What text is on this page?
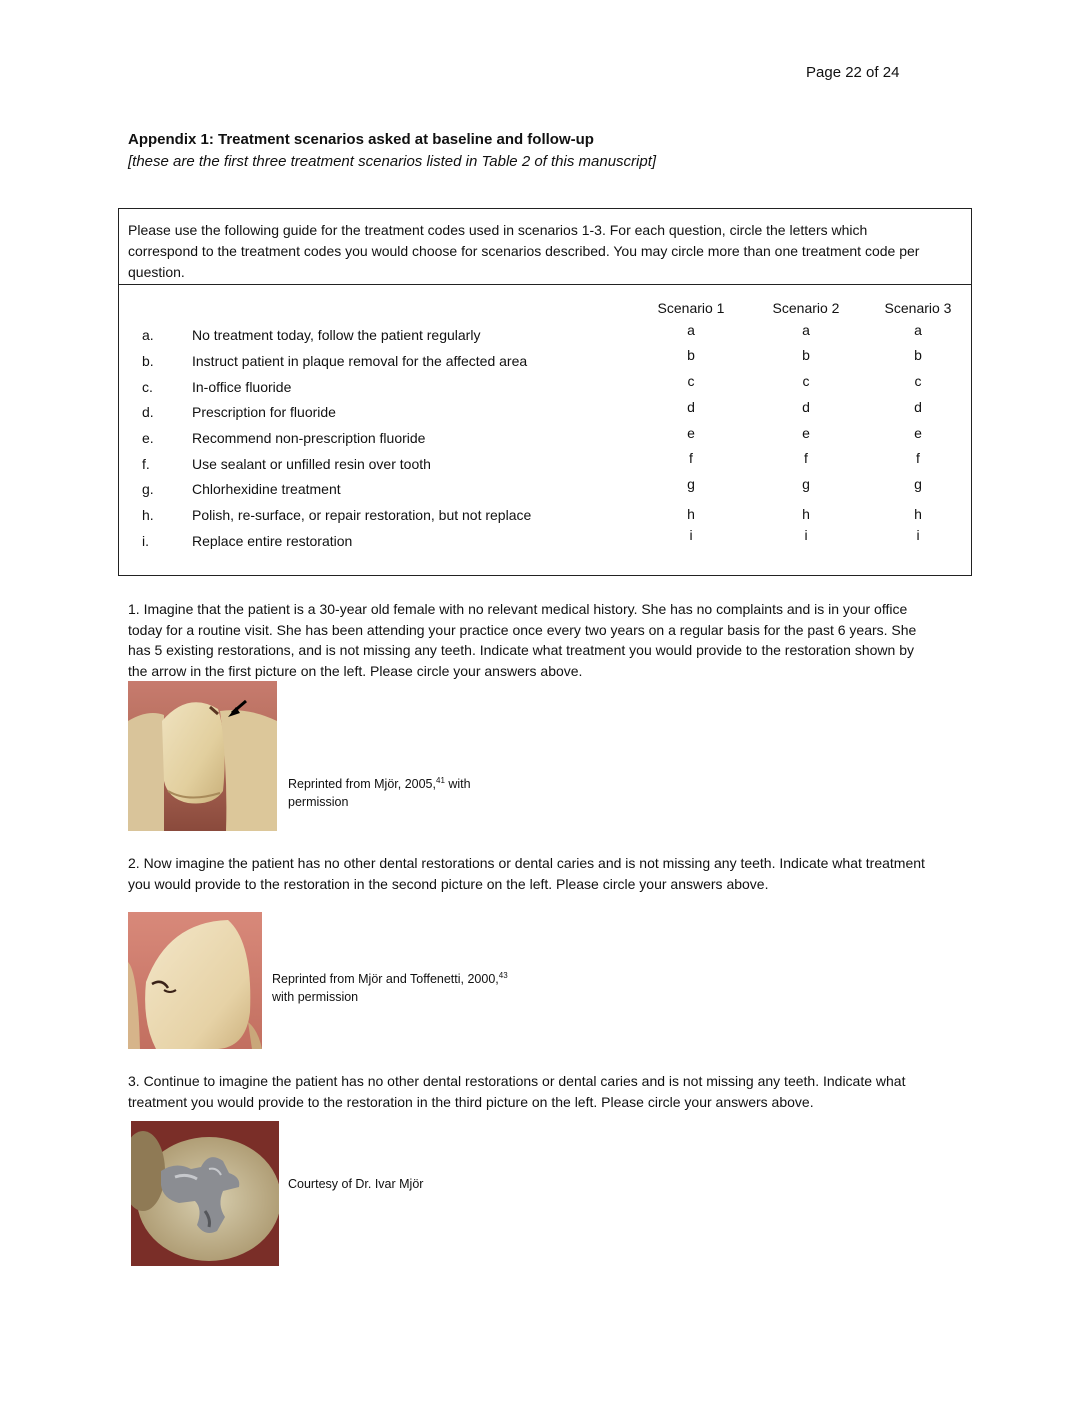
Page 22 of 24
Appendix 1: Treatment scenarios asked at baseline and follow-up
[these are the first three treatment scenarios listed in Table 2 of this manuscript]
Please use the following guide for the treatment codes used in scenarios 1-3. For each question, circle the letters which
correspond to the treatment codes you would choose for scenarios described. You may circle more than one treatment code per
question.
Scenario 1	Scenario 2	Scenario 3
a.	No treatment today, follow the patient regularly	a	a	a
b.	Instruct patient in plaque removal for the affected area	b	b	b
c.	In-office fluoride	c	c	c
d.	Prescription for fluoride	d	d	d
e.	Recommend non-prescription fluoride	e	e	e
f.	Use sealant or unfilled resin over tooth	f	f	f
g.	Chlorhexidine treatment	g	g	g
h.	Polish, re-surface, or repair restoration, but not replace	h	h	h
i.	Replace entire restoration	i	i	i
1. Imagine that the patient is a 30-year old female with no relevant medical history. She has no complaints and is in your office
today for a routine visit. She has been attending your practice once every two years on a regular basis for the past 6 years. She
has 5 existing restorations, and is not missing any teeth. Indicate what treatment you would provide to the restoration shown by
the arrow in the first picture on the left. Please circle your answers above.
Reprinted from Mjör, 2005,41 with
permission
2. Now imagine the patient has no other dental restorations or dental caries and is not missing any teeth. Indicate what treatment
you would provide to the restoration in the second picture on the left. Please circle your answers above.
Reprinted from Mjör and Toffenetti, 2000,43
with permission
3. Continue to imagine the patient has no other dental restorations or dental caries and is not missing any teeth. Indicate what
treatment you would provide to the restoration in the third picture on the left. Please circle your answers above.
Courtesy of Dr. Ivar Mjör
